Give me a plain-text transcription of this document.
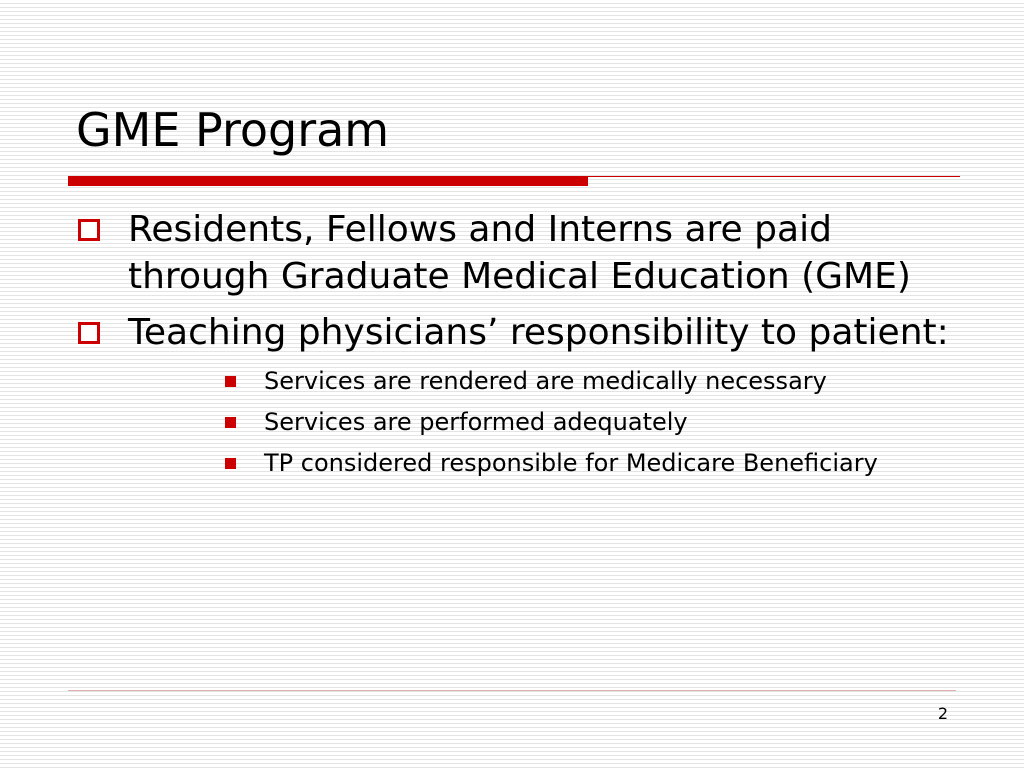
GME Program
Residents, Fellows and Interns are paid through Graduate Medical Education (GME)
Teaching physicians’ responsibility to patient:
Services are rendered are medically necessary
Services are performed adequately
TP considered responsible for Medicare Beneficiary
2
